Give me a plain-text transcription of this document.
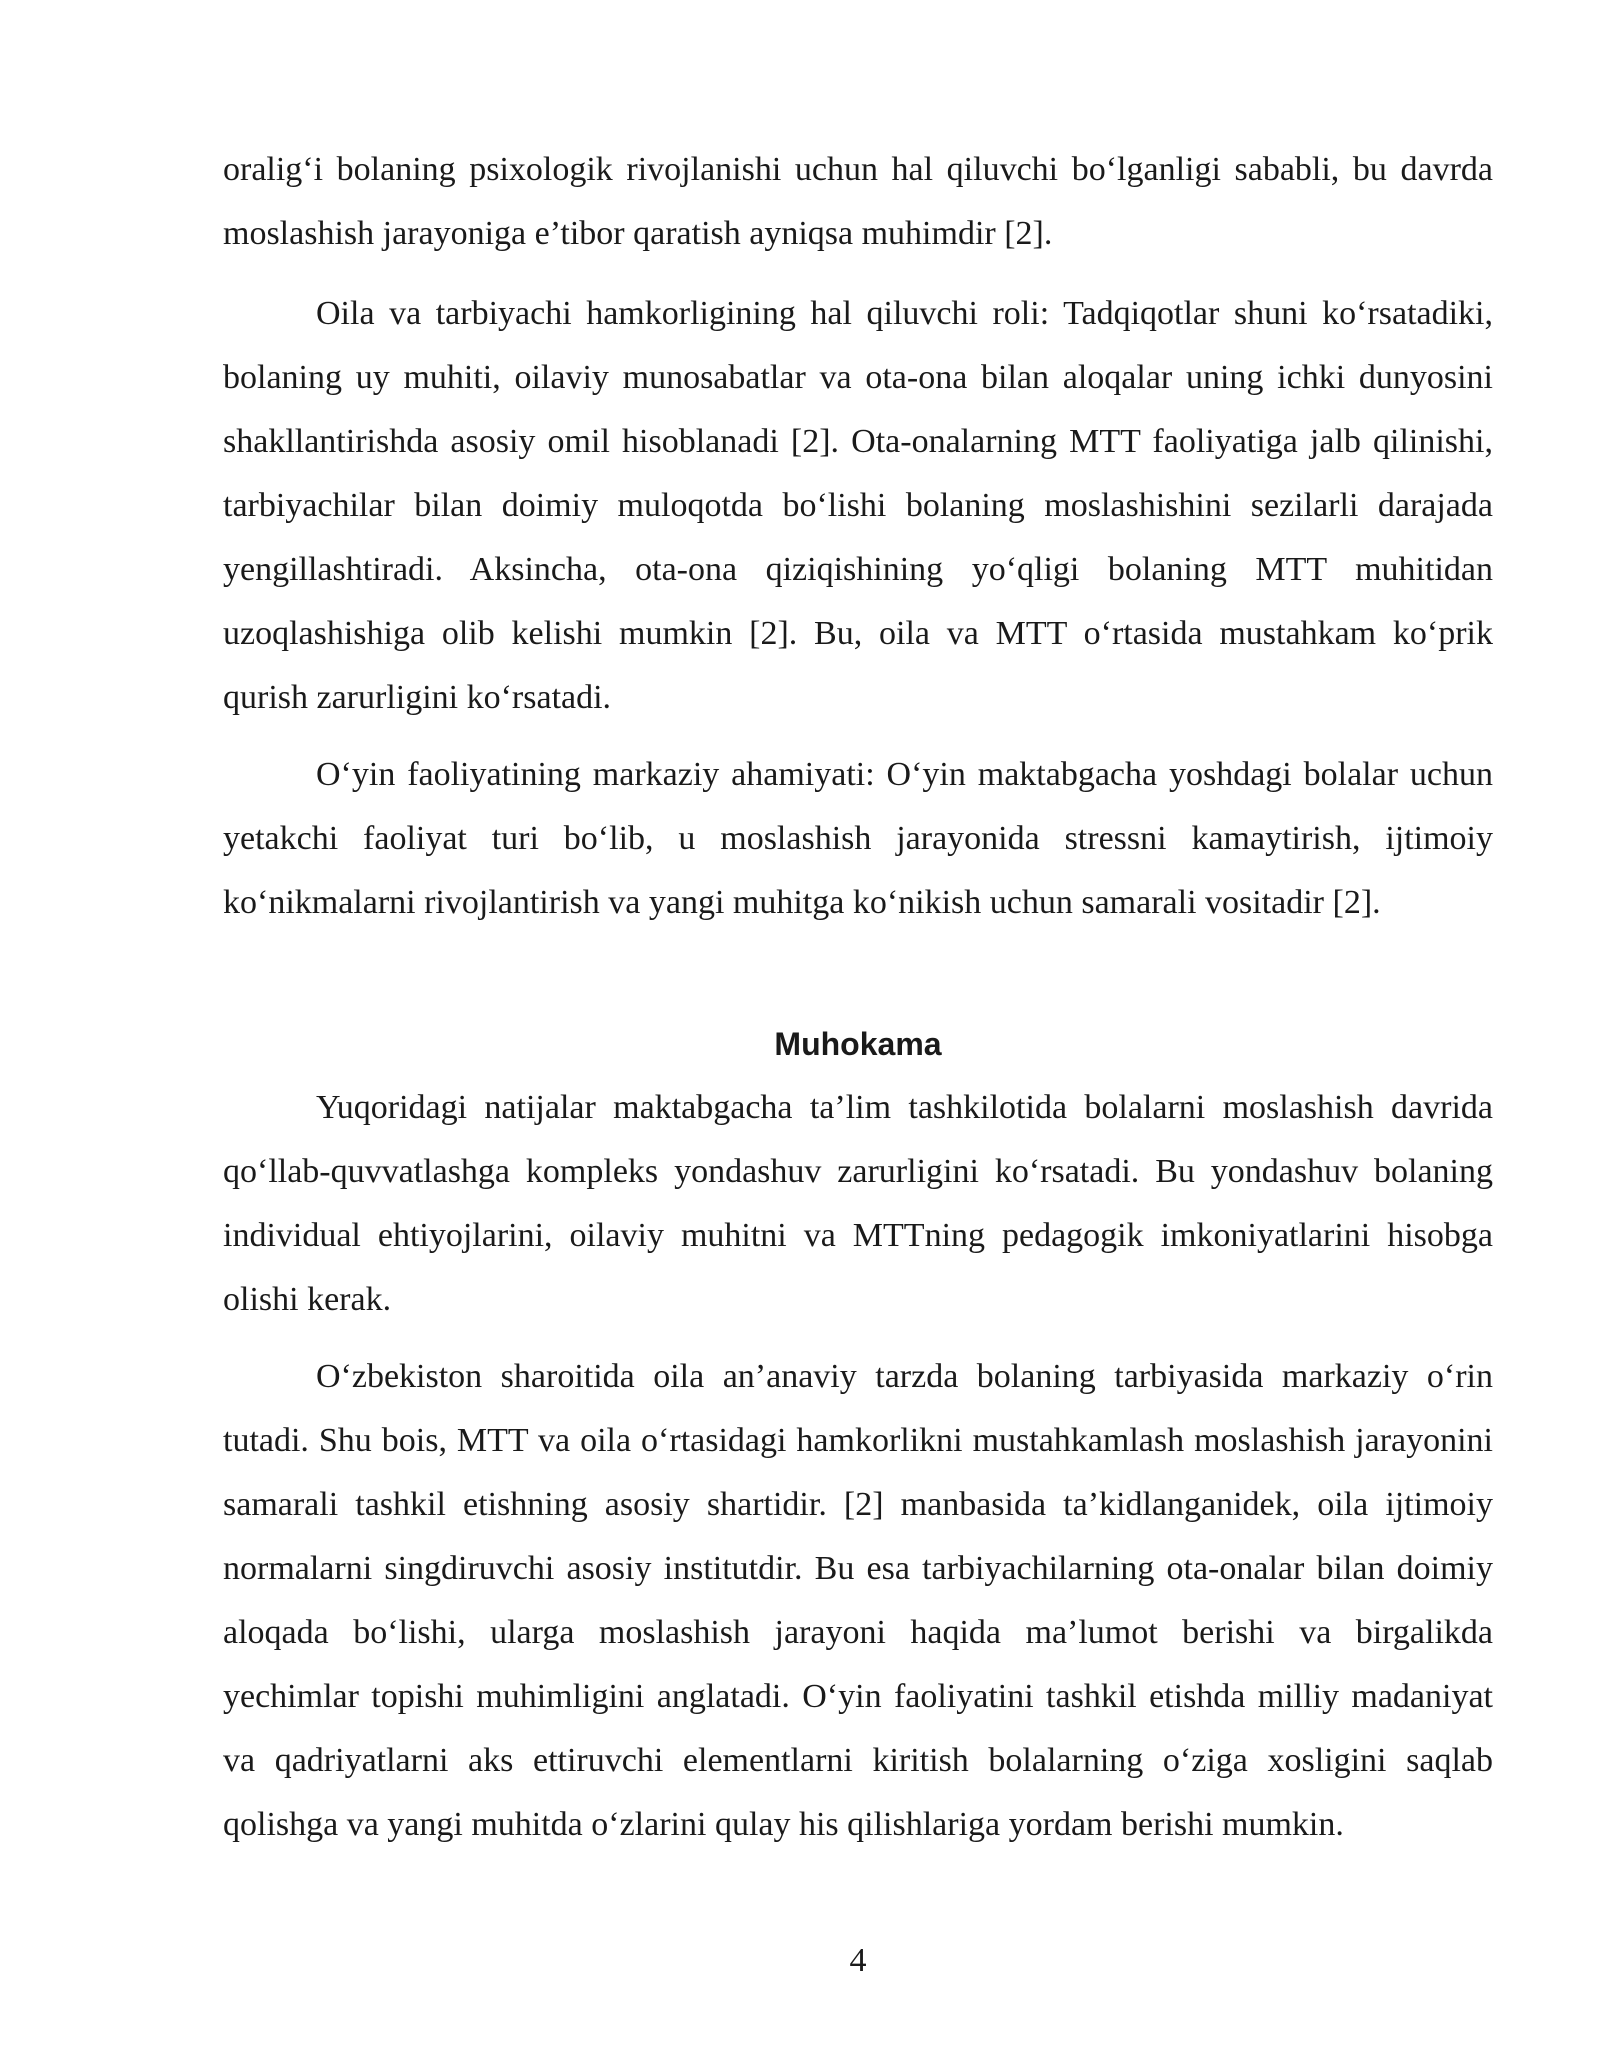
oralig‘i bolaning psixologik rivojlanishi uchun hal qiluvchi bo‘lganligi sababli, bu davrda moslashish jarayoniga e’tibor qaratish ayniqsa muhimdir [2].

Oila va tarbiyachi hamkorligining hal qiluvchi roli: Tadqiqotlar shuni ko‘rsatadiki, bolaning uy muhiti, oilaviy munosabatlar va ota-ona bilan aloqalar uning ichki dunyosini shakllantirishda asosiy omil hisoblanadi [2]. Ota-onalarning MTT faoliyatiga jalb qilinishi, tarbiyachilar bilan doimiy muloqotda bo‘lishi bolaning moslashishini sezilarli darajada yengillashtiradi. Aksincha, ota-ona qiziqishining yo‘qligi bolaning MTT muhitidan uzoqlashishiga olib kelishi mumkin [2]. Bu, oila va MTT o‘rtasida mustahkam ko‘prik qurish zarurligini ko‘rsatadi.

O‘yin faoliyatining markaziy ahamiyati: O‘yin maktabgacha yoshdagi bolalar uchun yetakchi faoliyat turi bo‘lib, u moslashish jarayonida stressni kamaytirish, ijtimoiy ko‘nikmalarni rivojlantirish va yangi muhitga ko‘nikish uchun samarali vositadir [2].

Muhokama

Yuqoridagi natijalar maktabgacha ta’lim tashkilotida bolalarni moslashish davrida qo‘llab-quvvatlashga kompleks yondashuv zarurligini ko‘rsatadi. Bu yondashuv bolaning individual ehtiyojlarini, oilaviy muhitni va MTTning pedagogik imkoniyatlarini hisobga olishi kerak.

O‘zbekiston sharoitida oila an’anaviy tarzda bolaning tarbiyasida markaziy o‘rin tutadi. Shu bois, MTT va oila o‘rtasidagi hamkorlikni mustahkamlash moslashish jarayonini samarali tashkil etishning asosiy shartidir. [2] manbasida ta’kidlanganidek, oila ijtimoiy normalarni singdiruvchi asosiy institutdir. Bu esa tarbiyachilarning ota-onalar bilan doimiy aloqada bo‘lishi, ularga moslashish jarayoni haqida ma’lumot berishi va birgalikda yechimlar topishi muhimligini anglatadi. O‘yin faoliyatini tashkil etishda milliy madaniyat va qadriyatlarni aks ettiruvchi elementlarni kiritish bolalarning o‘ziga xosligini saqlab qolishga va yangi muhitda o‘zlarini qulay his qilishlariga yordam berishi mumkin.

4
